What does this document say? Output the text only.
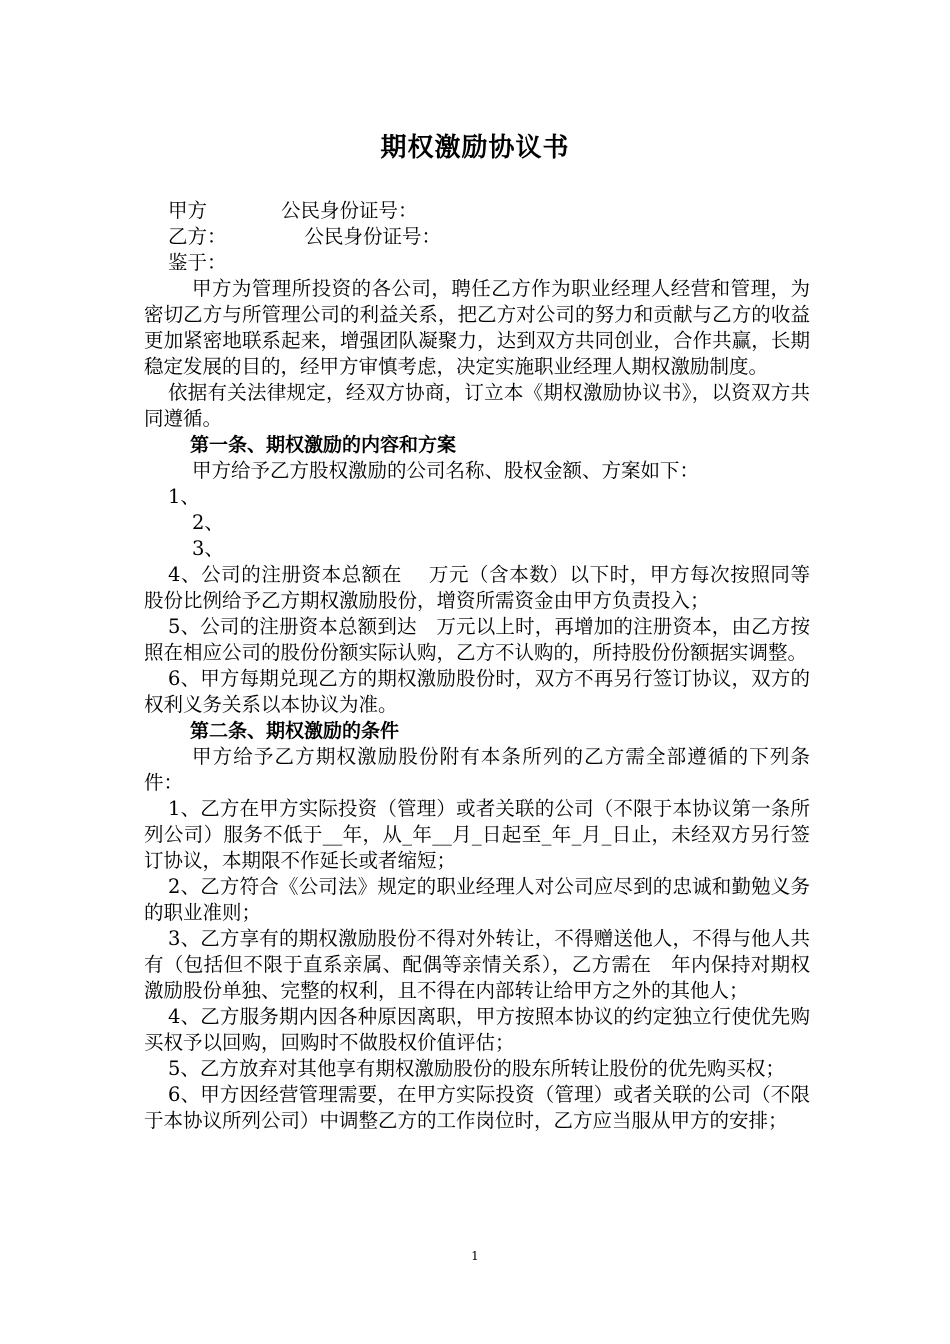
期权激励协议书

甲方	公民身份证号：

乙方：	公民身份证号：

鉴于：

甲方为管理所投资的各公司，聘任乙方作为职业经理人经营和管理，为密切乙方与所管理公司的利益关系，把乙方对公司的努力和贡献与乙方的收益更加紧密地联系起来，增强团队凝聚力，达到双方共同创业，合作共赢，长期稳定发展的目的，经甲方审慎考虑，决定实施职业经理人期权激励制度。

依据有关法律规定，经双方协商，订立本《期权激励协议书》，以资双方共同遵循。

第一条、期权激励的内容和方案

甲方给予乙方股权激励的公司名称、股权金额、方案如下：

1、

2、

3、

4、公司的注册资本总额在　 万元（含本数）以下时，甲方每次按照同等股份比例给予乙方期权激励股份，增资所需资金由甲方负责投入；

5、公司的注册资本总额到达　万元以上时，再增加的注册资本，由乙方按照在相应公司的股份份额实际认购，乙方不认购的，所持股份份额据实调整。

6、甲方每期兑现乙方的期权激励股份时，双方不再另行签订协议，双方的权利义务关系以本协议为准。

第二条、期权激励的条件

甲方给予乙方期权激励股份附有本条所列的乙方需全部遵循的下列条件：

1、乙方在甲方实际投资（管理）或者关联的公司（不限于本协议第一条所列公司）服务不低于__年，从_年__月_日起至_年_月_日止，未经双方另行签订协议，本期限不作延长或者缩短；

2、乙方符合《公司法》规定的职业经理人对公司应尽到的忠诚和勤勉义务的职业准则；

3、乙方享有的期权激励股份不得对外转让，不得赠送他人，不得与他人共有（包括但不限于直系亲属、配偶等亲情关系），乙方需在　年内保持对期权激励股份单独、完整的权利，且不得在内部转让给甲方之外的其他人；

4、乙方服务期内因各种原因离职，甲方按照本协议的约定独立行使优先购买权予以回购，回购时不做股权价值评估；

5、乙方放弃对其他享有期权激励股份的股东所转让股份的优先购买权；

6、甲方因经营管理需要，在甲方实际投资（管理）或者关联的公司（不限于本协议所列公司）中调整乙方的工作岗位时，乙方应当服从甲方的安排；

1
